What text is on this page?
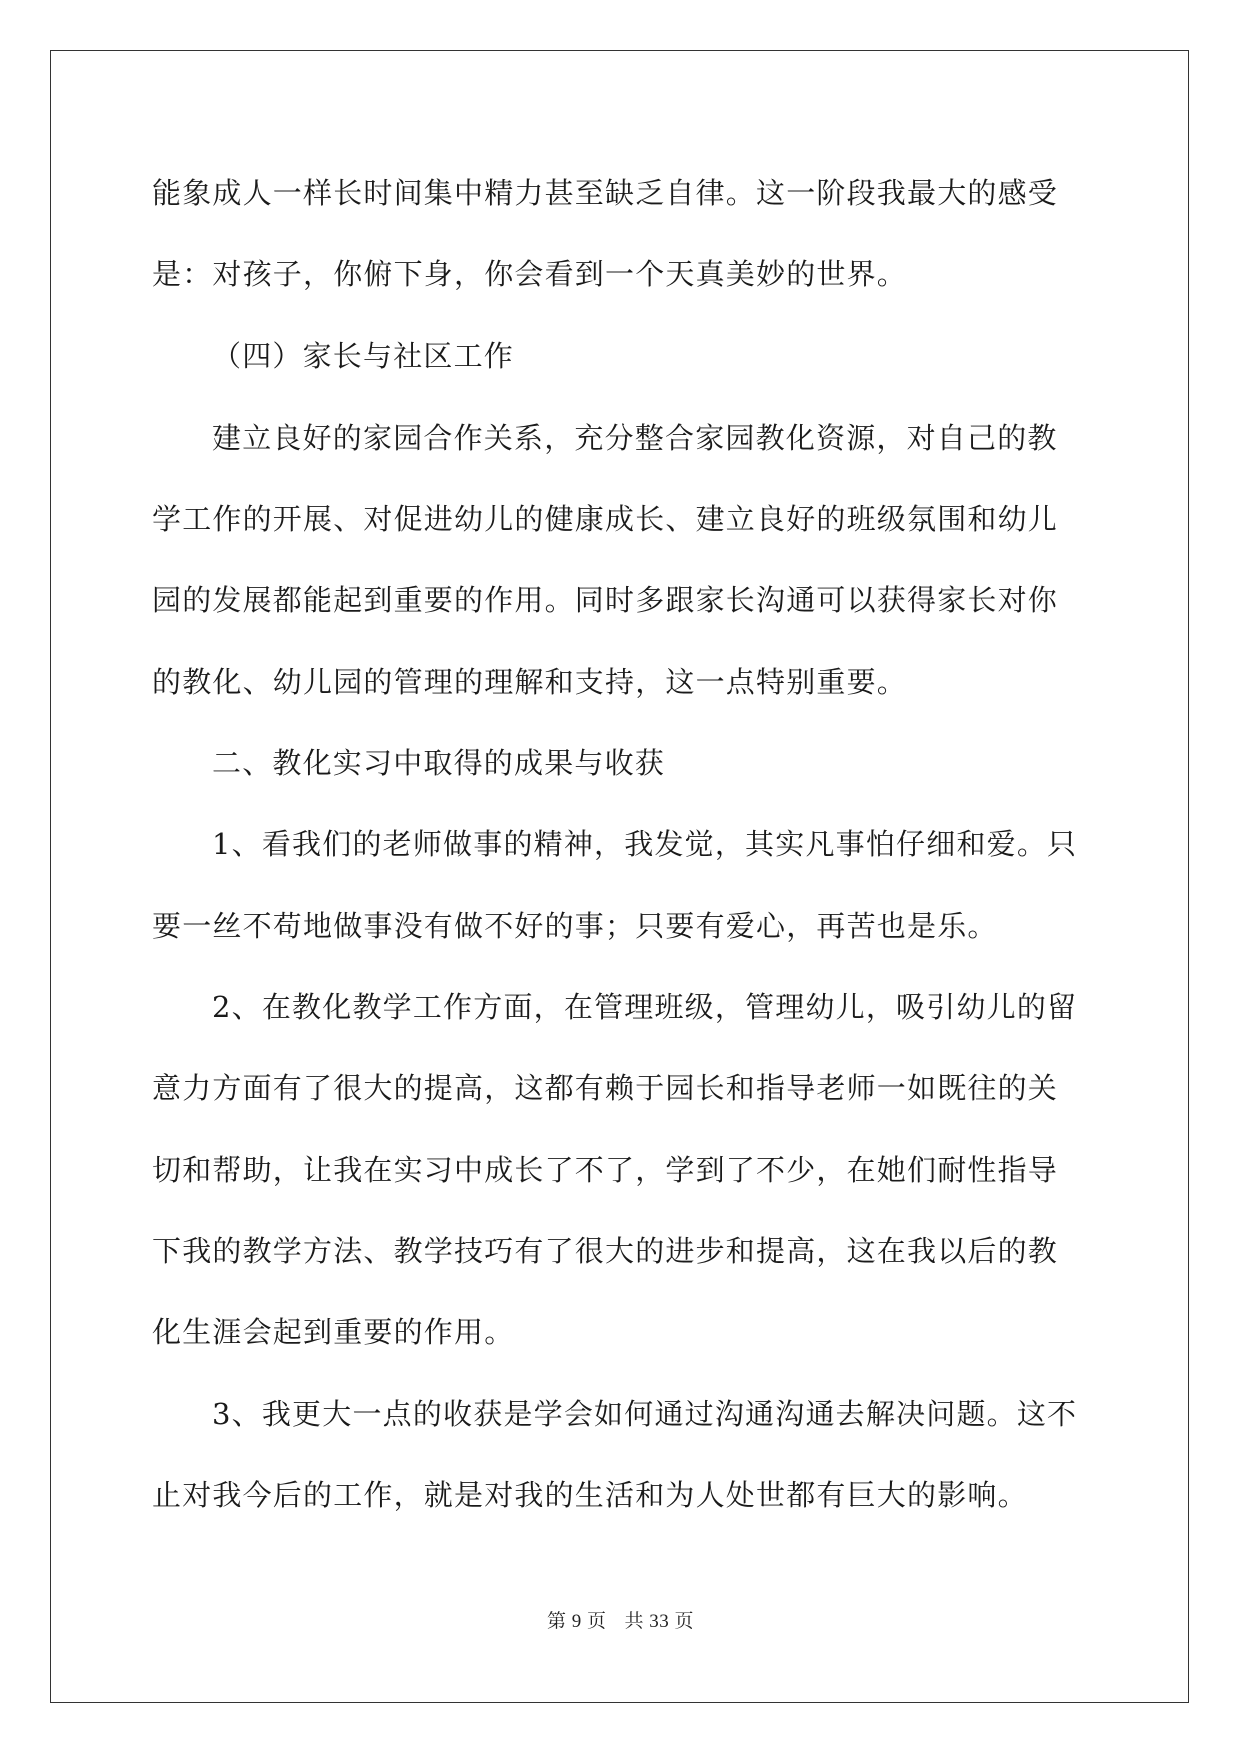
能象成人一样长时间集中精力甚至缺乏自律。这一阶段我最大的感受
是：对孩子，你俯下身，你会看到一个天真美妙的世界。
（四）家长与社区工作
建立良好的家园合作关系，充分整合家园教化资源，对自己的教
学工作的开展、对促进幼儿的健康成长、建立良好的班级氛围和幼儿
园的发展都能起到重要的作用。同时多跟家长沟通可以获得家长对你
的教化、幼儿园的管理的理解和支持，这一点特别重要。
二、教化实习中取得的成果与收获
1、看我们的老师做事的精神，我发觉，其实凡事怕仔细和爱。只
要一丝不苟地做事没有做不好的事；只要有爱心，再苦也是乐。
2、在教化教学工作方面，在管理班级，管理幼儿，吸引幼儿的留
意力方面有了很大的提高，这都有赖于园长和指导老师一如既往的关
切和帮助，让我在实习中成长了不了，学到了不少，在她们耐性指导
下我的教学方法、教学技巧有了很大的进步和提高，这在我以后的教
化生涯会起到重要的作用。
3、我更大一点的收获是学会如何通过沟通沟通去解决问题。这不
止对我今后的工作，就是对我的生活和为人处世都有巨大的影响。
第 9 页 共 33 页
